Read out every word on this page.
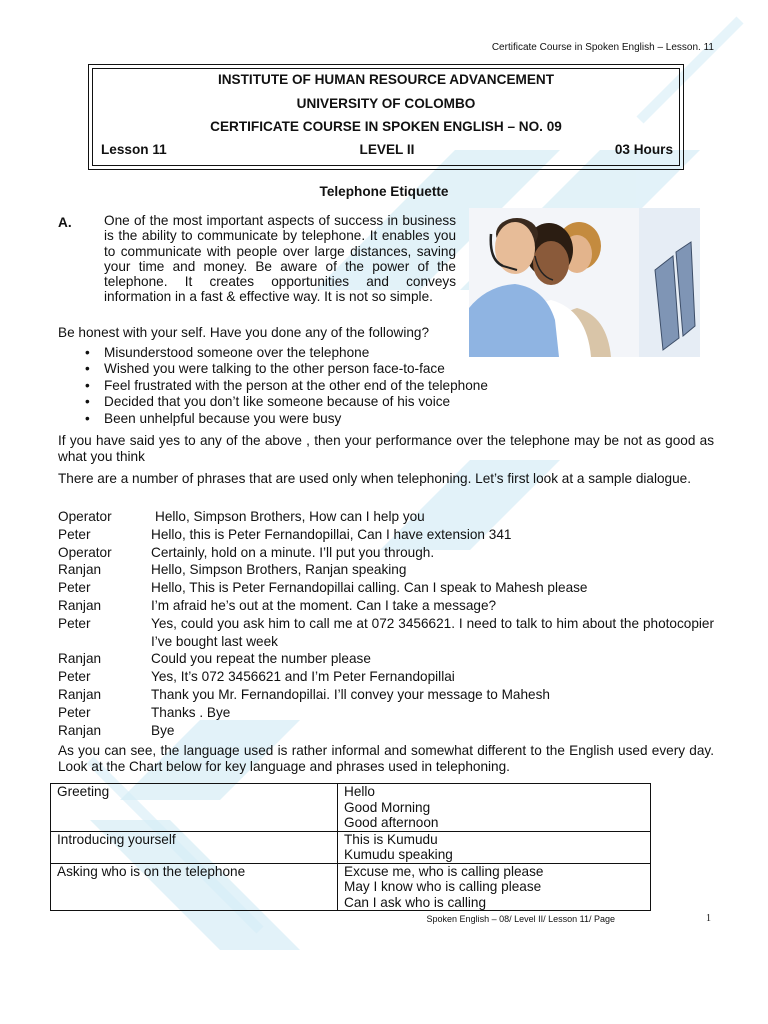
Certificate Course in Spoken English – Lesson. 11
INSTITUTE OF HUMAN RESOURCE ADVANCEMENT
UNIVERSITY OF COLOMBO
CERTIFICATE COURSE IN SPOKEN ENGLISH – NO. 09
Lesson 11	LEVEL II	03 Hours
Telephone Etiquette
A. One of the most important aspects of success in business is the ability to communicate by telephone. It enables you to communicate with people over large distances, saving your time and money. Be aware of the power of the telephone. It creates opportunities and conveys information in a fast & effective way. It is not so simple.

Be honest with your self. Have you done any of the following?

• Misunderstood someone over the telephone
• Wished you were talking to the other person face-to-face
• Feel frustrated with the person at the other end of the telephone
• Decided that you don’t like someone because of his voice
• Been unhelpful because you were busy

If you have said yes to any of the above , then your performance over the telephone may be not as good as what you think

There are a number of phrases that are used only when telephoning. Let’s first look at a sample dialogue.

Operator	Hello, Simpson Brothers, How can I help you
Peter	Hello, this is Peter Fernandopillai, Can I have extension 341
Operator	Certainly, hold on a minute. I’ll put you through.
Ranjan	Hello, Simpson Brothers, Ranjan speaking
Peter	Hello, This is Peter Fernandopillai calling. Can I speak to Mahesh please
Ranjan	I’m afraid he’s out at the moment. Can I take a message?
Peter	Yes, could you ask him to call me at 072 3456621. I need to talk to him about the photocopier I’ve bought last week
Ranjan	Could you repeat the number please
Peter	Yes, It’s 072 3456621 and I’m Peter Fernandopillai
Ranjan	Thank you Mr. Fernandopillai. I’ll convey your message to Mahesh
Peter	Thanks . Bye
Ranjan	Bye

As you can see, the language used is rather informal and somewhat different to the English used every day. Look at the Chart below for key language and phrases used in telephoning.

Greeting	Hello
Good Morning
Good afternoon

Introducing yourself	This is Kumudu
Kumudu speaking

Asking who is on the telephone	Excuse me, who is calling please
May I know who is calling please
Can I ask who is calling
Spoken English – 08/ Level II/ Lesson 11/ Page	1
